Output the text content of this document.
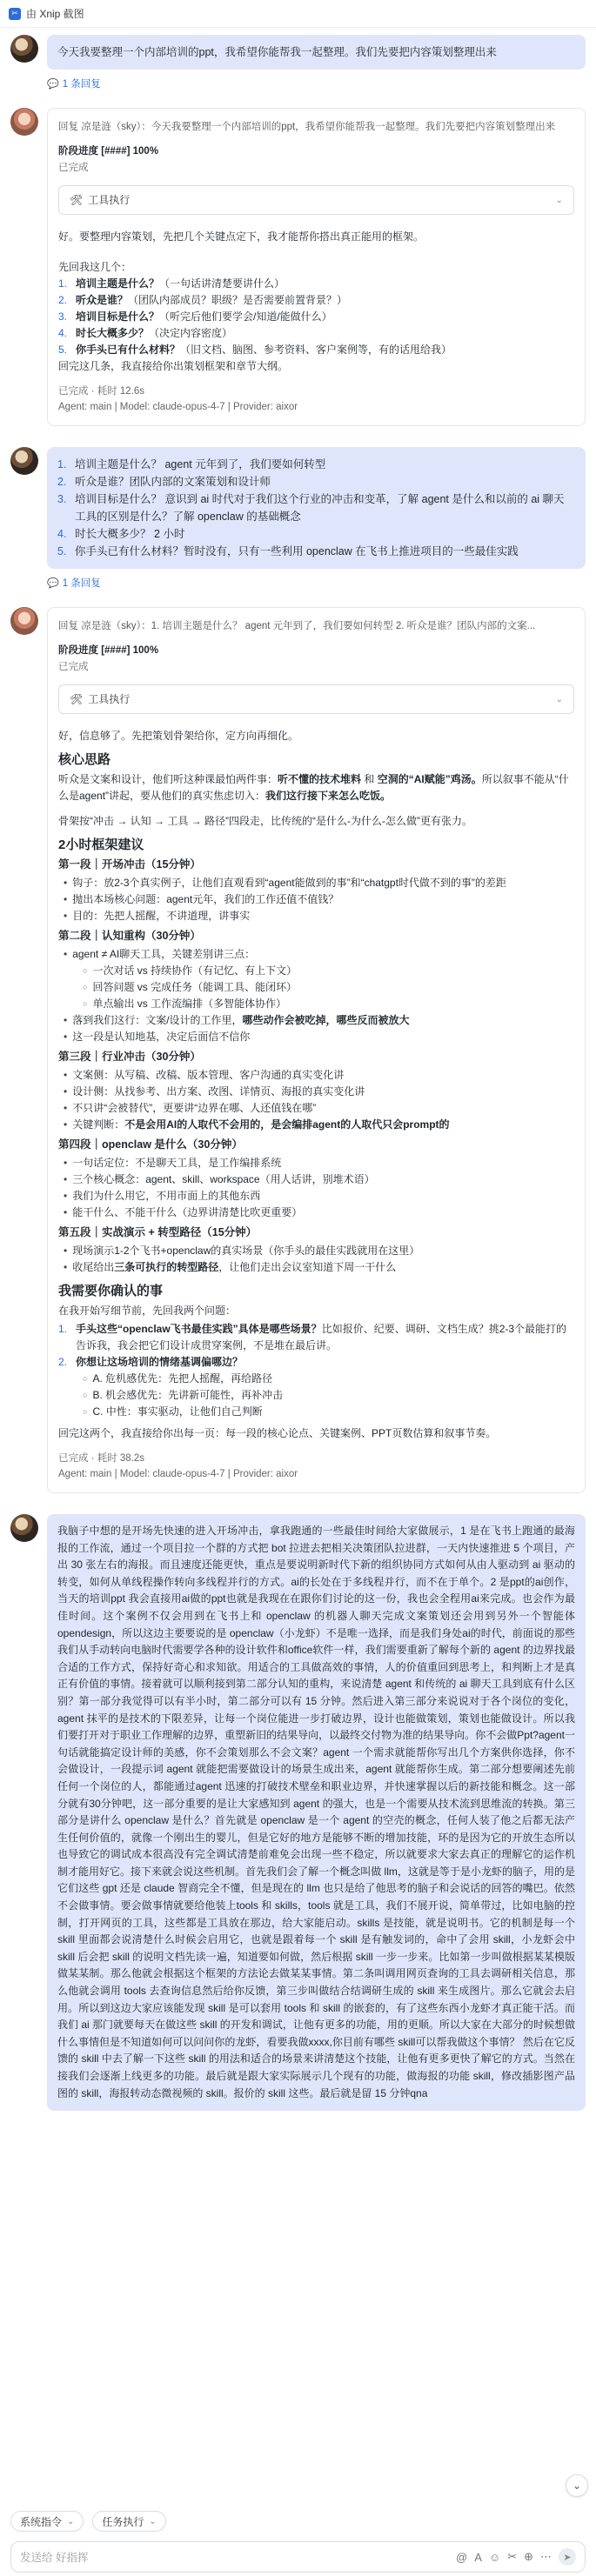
✂ 由 Xnip 截图
今天我要整理一个内部培训的ppt，我希望你能帮我一起整理。我们先要把内容策划整理出来
💬 1 条回复
回复 凉是涟（sky）：今天我要整理一个内部培训的ppt，我希望你能帮我一起整理。我们先要把内容策划整理出来
阶段进度 [####] 100%
已完成
🛠 工具执行	⌄
好。要整理内容策划，先把几个关键点定下，我才能帮你搭出真正能用的框架。
先回我这几个：
1. 培训主题是什么？（一句话讲清楚要讲什么）
2. 听众是谁？（团队内部成员？职级？是否需要前置背景？）
3. 培训目标是什么？（听完后他们要学会/知道/能做什么）
4. 时长大概多少？（决定内容密度）
5. 你手头已有什么材料？（旧文档、脑图、参考资料、客户案例等，有的话甩给我）
回完这几条，我直接给你出策划框架和章节大纲。
已完成 · 耗时 12.6s
Agent: main | Model: claude-opus-4-7 | Provider: aixor
1. 培训主题是什么？ agent 元年到了，我们要如何转型
2. 听众是谁？团队内部的文案策划和设计师
3. 培训目标是什么？ 意识到 ai 时代对于我们这个行业的冲击和变革，了解 agent 是什么和以前的 ai 聊天工具的区别是什么？了解 openclaw 的基础概念
4. 时长大概多少？ 2 小时
5. 你手头已有什么材料？暂时没有，只有一些利用 openclaw 在飞书上推进项目的一些最佳实践
💬 1 条回复
回复 凉是涟（sky）：1. 培训主题是什么？ agent 元年到了，我们要如何转型 2. 听众是谁？团队内部的文案...
阶段进度 [####] 100%
已完成
🛠 工具执行	⌄
好，信息够了。先把策划骨架给你，定方向再细化。
核心思路
听众是文案和设计，他们听这种课最怕两件事：听不懂的技术堆料 和 空洞的“AI赋能”鸡汤。所以叙事不能从“什么是agent”讲起，要从他们的真实焦虑切入：我们这行接下来怎么吃饭。
骨架按“冲击 → 认知 → 工具 → 路径”四段走，比传统的“是什么-为什么-怎么做”更有张力。
2小时框架建议
第一段｜开场冲击（15分钟）
• 钩子：放2-3个真实例子，让他们直观看到“agent能做到的事”和“chatgpt时代做不到的事”的差距
• 抛出本场核心问题：agent元年，我们的工作还值不值钱？
• 目的：先把人摇醒，不讲道理，讲事实
第二段｜认知重构（30分钟）
• agent ≠ AI聊天工具，关键差别讲三点：
○ 一次对话 vs 持续协作（有记忆、有上下文）
○ 回答问题 vs 完成任务（能调工具、能闭环）
○ 单点输出 vs 工作流编排（多智能体协作）
• 落到我们这行：文案/设计的工作里，哪些动作会被吃掉，哪些反而被放大
• 这一段是认知地基，决定后面信不信你
第三段｜行业冲击（30分钟）
• 文案侧：从写稿、改稿、版本管理、客户沟通的真实变化讲
• 设计侧：从找参考、出方案、改图、详情页、海报的真实变化讲
• 不只讲“会被替代”，更要讲“边界在哪、人还值钱在哪”
• 关键判断：不是会用AI的人取代不会用的，是会编排agent的人取代只会prompt的
第四段｜openclaw 是什么（30分钟）
• 一句话定位：不是聊天工具，是工作编排系统
• 三个核心概念：agent、skill、workspace（用人话讲，别堆术语）
• 我们为什么用它，不用市面上的其他东西
• 能干什么、不能干什么（边界讲清楚比吹更重要）
第五段｜实战演示 + 转型路径（15分钟）
• 现场演示1-2个飞书+openclaw的真实场景（你手头的最佳实践就用在这里）
• 收尾给出三条可执行的转型路径，让他们走出会议室知道下周一干什么
我需要你确认的事
在我开始写细节前，先回我两个问题：
1. 手头这些“openclaw飞书最佳实践”具体是哪些场景？比如报价、纪要、调研、文档生成？挑2-3个最能打的告诉我，我会把它们设计成贯穿案例，不是堆在最后讲。
2. 你想让这场培训的情绪基调偏哪边？
○ A. 危机感优先：先把人摇醒，再给路径
○ B. 机会感优先：先讲新可能性，再补冲击
○ C. 中性：事实驱动，让他们自己判断
回完这两个，我直接给你出每一页：每一段的核心论点、关键案例、PPT页数估算和叙事节奏。
已完成 · 耗时 38.2s
Agent: main | Model: claude-opus-4-7 | Provider: aixor
我脑子中想的是开场先快速的进入开场冲击，拿我跑通的一些最佳时间给大家做展示，1 是在飞书上跑通的最海报的工作流，通过一个项目拉一个群的方式把 bot 拉进去把相关决策团队拉进群，一天内快速推进 5 个项目，产出 30 张左右的海报。而且速度还能更快，重点是要说明新时代下新的组织协同方式如何从由人驱动到 ai 驱动的转变，如何从单线程操作转向多线程并行的方式。ai的长处在于多线程并行，而不在于单个。2 是ppt的ai创作，当天的培训ppt 我会直接用ai做的ppt也就是我现在在跟你们讨论的这一份，我也会全程用ai来完成。也会作为最佳时间。这个案例不仅会用到在飞书上和 openclaw 的机器人聊天完成文案策划还会用到另外一个智能体 opendesign，所以这边主要要说的是 openclaw（小龙虾）不是唯一选择，而是我们身处ai的时代，前面说的那些我们从手动转向电脑时代需要学各种的设计软件和office软件一样，我们需要重新了解每个新的 agent 的边界找最合适的工作方式，保持好奇心和求知欲。用适合的工具做高效的事情，人的价值重回到思考上，和判断上才是真正有价值的事情。接着就可以顺利接到第二部分认知的重构，来说清楚 agent 和传统的 ai 聊天工具到底有什么区别？第一部分我觉得可以有半小时，第二部分可以有 15 分钟。然后进入第三部分来说说对于各个岗位的变化，agent 抹平的是技术的下限差异，让每一个岗位能进一步打破边界，设计也能做策划，策划也能做设计。所以我们要打开对于职业工作理解的边界，重塑新旧的结果导向，以最终交付物为准的结果导向。你不会做Ppt?agent一句话就能搞定设计师的美感，你不会策划那么不会文案？agent 一个需求就能帮你写出几个方案供你选择，你不会做设计，一段提示词 agent 就能把需要做设计的场景生成出来，agent 就能帮你生成。第二部分想要阐述先前任何一个岗位的人，都能通过agent 迅速的打破技术壁垒和职业边界，并快速掌握以后的新技能和概念。这一部分就有30分钟吧，这一部分重要的是让大家感知到 agent 的强大，也是一个需要从技术流到思维流的转换。第三部分是讲什么 openclaw 是什么？首先就是 openclaw 是一个 agent 的空壳的概念，任何人装了他之后都无法产生任何价值的，就像一个刚出生的婴儿，但是它好的地方是能够不断的增加技能，环的是因为它的开放生态所以也导致它的调试成本很高没有完全调试清楚前难免会出现一些不稳定，所以就要求大家去真正的理解它的运作机制才能用好它。接下来就会说这些机制。首先我们会了解一个概念叫做 llm，这就是等于是小龙虾的脑子，用的是它们这些 gpt 还是 claude 智商完全不懂，但是现在的 llm 也只是给了他思考的脑子和会说话的回答的嘴巴。依然不会做事情。要会做事情就要给他装上tools 和 skills，tools 就是工具，我们不展开说，简单带过，比如电脑的控制，打开网页的工具，这些都是工具放在那边，给大家能启动。skills 是技能，就是说明书。它的机制是每一个 skill 里面都会说清楚什么时候会启用它，也就是跟着每一个 skill 是有触发词的，命中了会用 skill，小龙虾会中 skill 后会把 skill 的说明文档先读一遍，知道要如何做，然后根据 skill 一步一步来。比如第一步叫做根据某某模版做某某制。那么他就会根据这个框架的方法论去做某某事情。第二条叫调用网页查询的工具去调研相关信息，那么他就会调用 tools 去查询信息然后给你反馈，第三步叫做结合结调研生成的 skill 来生成图片。那么它就会去启用。所以到这边大家应该能发现 skill 是可以套用 tools 和 skill 的嵌套的，有了这些东西小龙虾才真正能干活。而我们 ai 那门就要每天在做这些 skill 的开发和调试，让他有更多的功能，用的更顺。所以大家在大部分的时候想做什么事情但是不知道如何可以问问你的龙虾，看要我做xxxx,你目前有哪些 skill可以帮我做这个事情？ 然后在它反馈的 skill 中去了解一下这些 skill 的用法和适合的场景来讲清楚这个技能，让他有更多更快了解它的方式。当然在接我们会逐渐上线更多的功能。最后就是跟大家实际展示几个现有的功能，做海报的功能 skill，修改插影图产品图的 skill，海报转动态微视频的 skill。报价的 skill 这些。最后就是留 15 分钟qna
⌄
系统指令 ⌄	任务执行 ⌄
发送给 好指挥	@ A ☺ ✂ ⊕ ⋯	➤
